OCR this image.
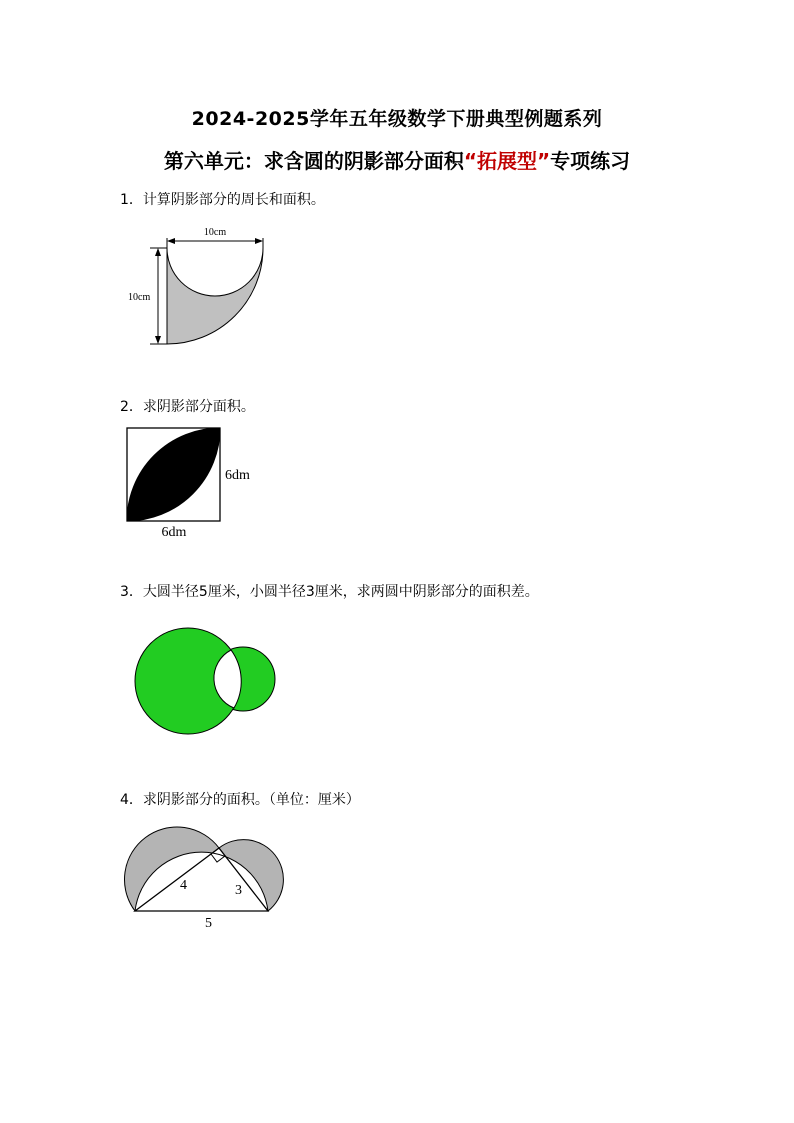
2024-2025学年五年级数学下册典型例题系列
第六单元：求含圆的阴影部分面积“拓展型”专项练习
1．计算阴影部分的周长和面积。
10cm
10cm
2．求阴影部分面积。
6dm
6dm
3．大圆半径5厘米，小圆半径3厘米，求两圆中阴影部分的面积差。
4．求阴影部分的面积。（单位：厘米）
4	3
5
